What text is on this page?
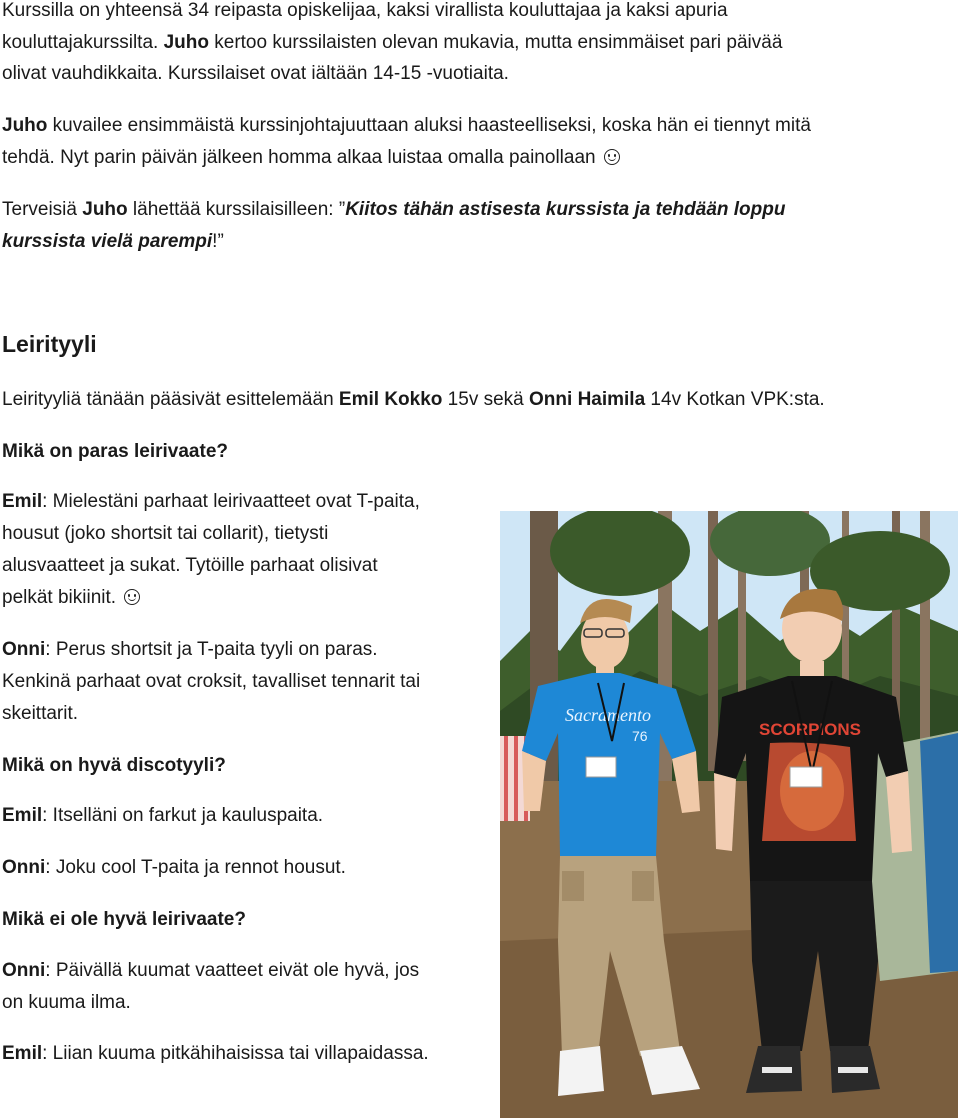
Kurssilla on yhteensä 34 reipasta opiskelijaa, kaksi virallista kouluttajaa ja kaksi apuria

kouluttajakurssilta. Juho kertoo kurssilaisten olevan mukavia, mutta ensimmäiset pari päivää

olivat vauhdikkaita. Kurssilaiset ovat iältään 14-15 -vuotiaita.

Juho kuvailee ensimmäistä kurssinjohtajuuttaan aluksi haasteelliseksi, koska hän ei tiennyt mitä
tehdä. Nyt parin päivän jälkeen homma alkaa luistaa omalla painollaan

Terveisiä Juho lähettää kurssilaisilleen: ”Kiitos tähän astisesta kurssista ja tehdään loppu
kurssista vielä parempi!”

Leirityyli

Leirityyliä tänään pääsivät esittelemään Emil Kokko 15v sekä Onni Haimila 14v Kotkan VPK:sta.

Mikä on paras leirivaate?

Emil: Mielestäni parhaat leirivaatteet ovat T-paita,
housut (joko shortsit tai collarit), tietysti
alusvaatteet ja sukat. Tytöille parhaat olisivat
pelkät bikiinit.

Onni: Perus shortsit ja T-paita tyyli on paras.
Kenkinä parhaat ovat croksit, tavalliset tennarit tai
skeittarit.

Mikä on hyvä discotyyli?

Emil: Itselläni on farkut ja kauluspaita.

Onni: Joku cool T-paita ja rennot housut.

Mikä ei ole hyvä leirivaate?

Onni: Päivällä kuumat vaatteet eivät ole hyvä, jos
on kuuma ilma.

Emil: Liian kuuma pitkähihaisissa tai villapaidassa.

Sacramento
76	SCORPIONS
